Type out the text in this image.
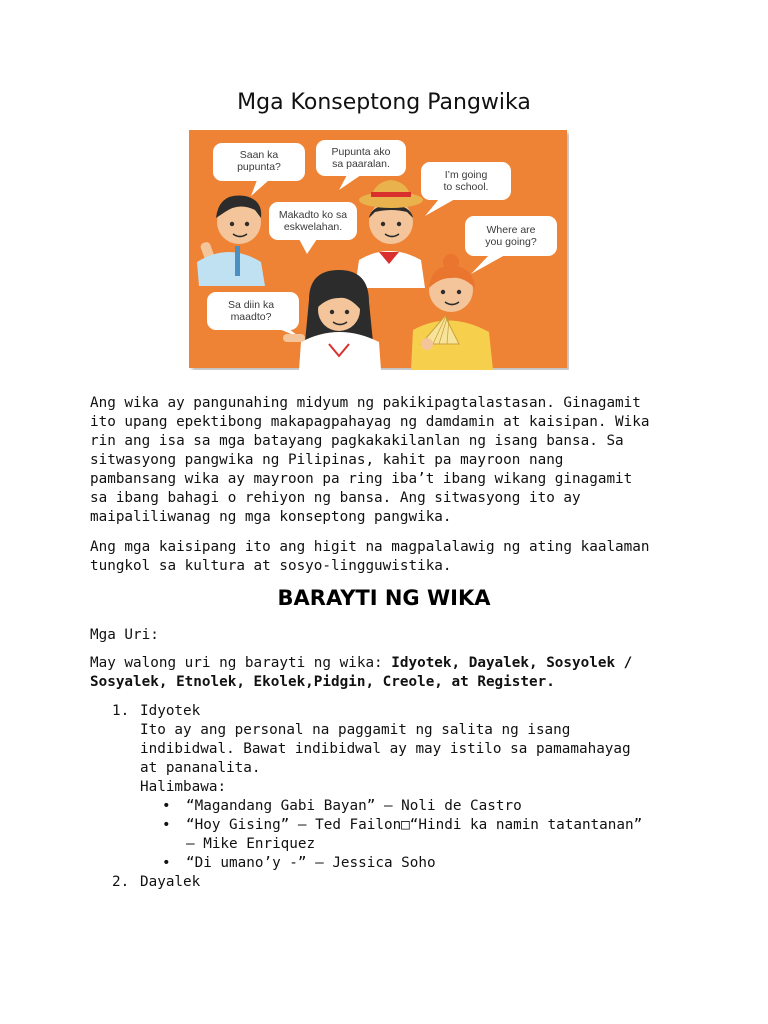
Mga Konseptong Pangwika
Saan ka pupunta?
Pupunta ako sa paaralan.
I’m going to school.
Makadto ko sa eskwelahan.	Where are you going?
Sa diin ka maadto?
Ang wika ay pangunahing midyum ng pakikipagtalastasan. Ginagamit
ito upang epektibong makapagpahayag ng damdamin at kaisipan. Wika
rin ang isa sa mga batayang pagkakakilanlan ng isang bansa. Sa
sitwasyong pangwika ng Pilipinas, kahit pa mayroon nang
pambansang wika ay mayroon pa ring iba’t ibang wikang ginagamit
sa ibang bahagi o rehiyon ng bansa. Ang sitwasyong ito ay
maipaliliwanag ng mga konseptong pangwika.
Ang mga kaisipang ito ang higit na magpalalawig ng ating kaalaman
tungkol sa kultura at sosyo-lingguwistika.
BARAYTI NG WIKA
Mga Uri:
May walong uri ng barayti ng wika: Idyotek, Dayalek, Sosyolek /
Sosyalek, Etnolek, Ekolek,Pidgin, Creole, at Register.
1. Idyotek
Ito ay ang personal na paggamit ng salita ng isang
indibidwal. Bawat indibidwal ay may istilo sa pamamahayag
at pananalita.
Halimbawa:
• “Magandang Gabi Bayan” – Noli de Castro
• “Hoy Gising” – Ted Failon□“Hindi ka namin tatantanan”
– Mike Enriquez
• “Di umano’y -” – Jessica Soho
2. Dayalek
